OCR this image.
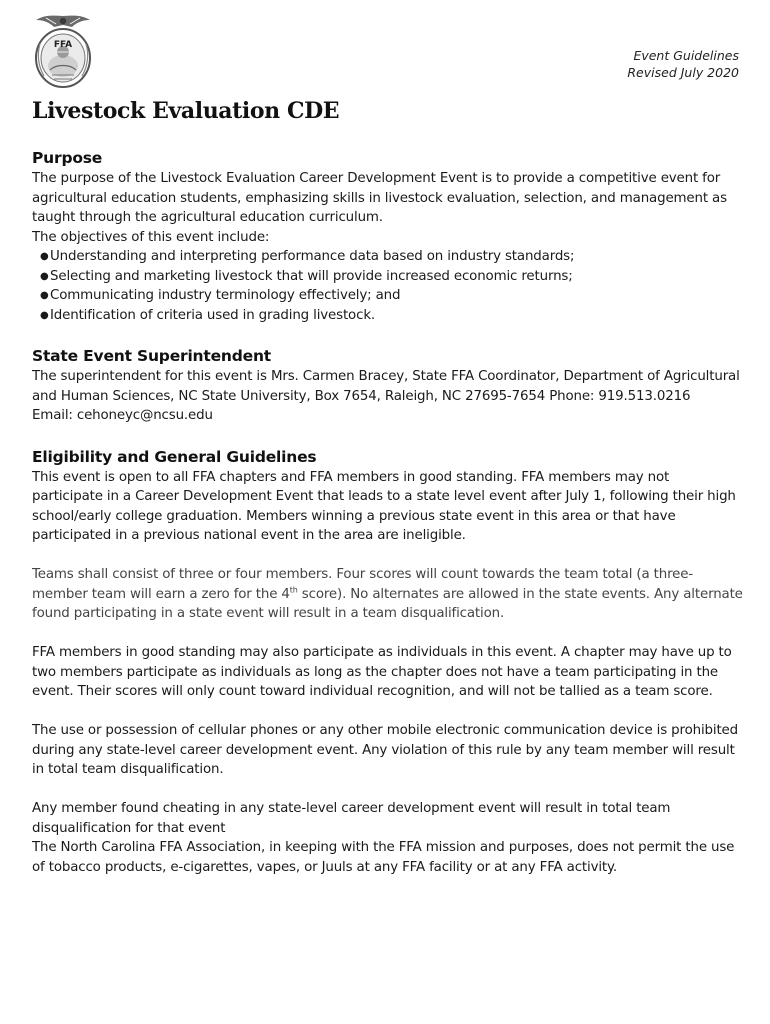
FFA
Event Guidelines
Revised July 2020
Livestock Evaluation CDE
Purpose

The purpose of the Livestock Evaluation Career Development Event is to provide a competitive event for agricultural education students, emphasizing skills in livestock evaluation, selection, and management as taught through the agricultural education curriculum.

The objectives of this event include:

● Understanding and interpreting performance data based on industry standards;
● Selecting and marketing livestock that will provide increased economic returns;
● Communicating industry terminology effectively; and
● Identification of criteria used in grading livestock.
State Event Superintendent

The superintendent for this event is Mrs. Carmen Bracey, State FFA Coordinator, Department of Agricultural and Human Sciences, NC State University, Box 7654, Raleigh, NC 27695-7654 Phone: 919.513.0216

Email: cehoneyc@ncsu.edu

Eligibility and General Guidelines

This event is open to all FFA chapters and FFA members in good standing. FFA members may not participate in a Career Development Event that leads to a state level event after July 1, following their high school/early college graduation. Members winning a previous state event in this area or that have participated in a previous national event in the area are ineligible.

Teams shall consist of three or four members. Four scores will count towards the team total (a three-member team will earn a zero for the 4th score). No alternates are allowed in the state events. Any alternate found participating in a state event will result in a team disqualification.

FFA members in good standing may also participate as individuals in this event. A chapter may have up to two members participate as individuals as long as the chapter does not have a team participating in the event. Their scores will only count toward individual recognition, and will not be tallied as a team score.

The use or possession of cellular phones or any other mobile electronic communication device is prohibited during any state-level career development event. Any violation of this rule by any team member will result in total team disqualification.

Any member found cheating in any state-level career development event will result in total team disqualification for that event

The North Carolina FFA Association, in keeping with the FFA mission and purposes, does not permit the use of tobacco products, e-cigarettes, vapes, or Juuls at any FFA facility or at any FFA activity.
